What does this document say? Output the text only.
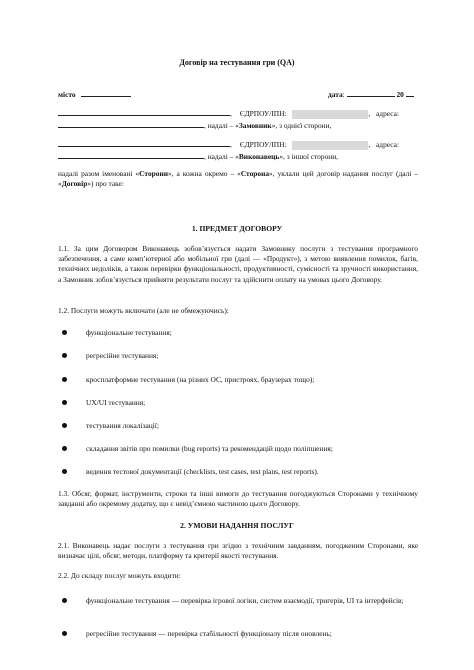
Договір на тестування гри (QA)
місто	дата:	20
, ЄДРПОУ/ІПН:	, адреса:
, надалі – «Замовник», з однієї сторони,
, ЄДРПОУ/ІПН:	, адреса:
, надалі – «Виконавець», з іншої сторони,
надалі разом іменовані «Сторони», а кожна окремо – «Сторона», уклали цей договір надання послуг (далі – «Договір») про таке:
1. ПРЕДМЕТ ДОГОВОРУ
1.1. За цим Договором Виконавець зобов’язується надати Замовнику послуги з тестування програмного забезпечення, а саме комп’ютерної або мобільної гри (далі — «Продукт»), з метою виявлення помилок, багів, технічних недоліків, а також перевірки функціональності, продуктивності, сумісності та зручності використання, а Замовник зобов’язується прийняти результати послуг та здійснити оплату на умовах цього Договору.
1.2. Послуги можуть включати (але не обмежуючись):
функціональне тестування;
регресійне тестування;
кросплатформне тестування (на різних ОС, пристроях, браузерах тощо);
UX/UI тестування;
тестування локалізації;
складання звітів про помилки (bug reports) та рекомендацій щодо поліпшення;
ведення тестової документації (checklists, test cases, test plans, test reports).
1.3. Обсяг, формат, інструменти, строки та інші вимоги до тестування погоджуються Сторонами у технічному завданні або окремому додатку, що є невід’ємною частиною цього Договору.
2. УМОВИ НАДАННЯ ПОСЛУГ
2.1. Виконавець надає послуги з тестування гри згідно з технічним завданням, погодженим Сторонами, яке визначає цілі, обсяг, методи, платформу та критерії якості тестування.
2.2. До складу послуг можуть входити:
функціональне тестування — перевірка ігрової логіки, систем взаємодії, тригерів, UI та інтерфейсів;
регресійне тестування — перевірка стабільності функціоналу після оновлень;
